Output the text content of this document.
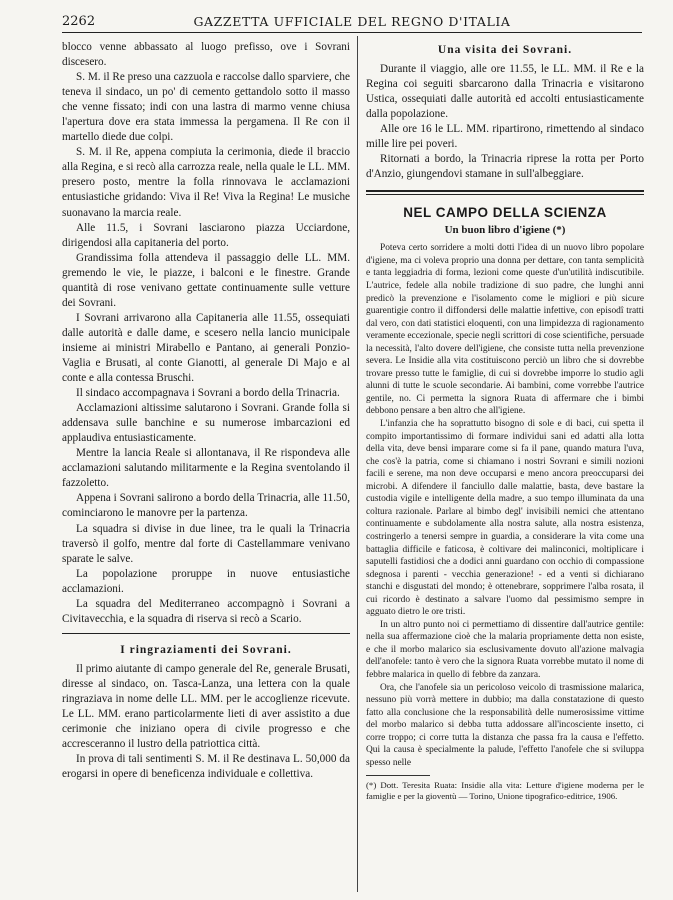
2262	GAZZETTA UFFICIALE DEL REGNO D'ITALIA

blocco venne abbassato al luogo prefisso, ove i Sovrani discesero.

S. M. il Re preso una cazzuola e raccolse dallo sparviere, che teneva il sindaco, un po' di cemento gettandolo sotto il masso che venne fissato; indi con una lastra di marmo venne chiusa l'apertura dove era stata immessa la pergamena. Il Re con il martello diede due colpi.

S. M. il Re, appena compiuta la cerimonia, diede il braccio alla Regina, e si recò alla carrozza reale, nella quale le LL. MM. presero posto, mentre la folla rinnovava le acclamazioni entusiastiche gridando: Viva il Re! Viva la Regina! Le musiche suonavano la marcia reale.

Alle 11.5, i Sovrani lasciarono piazza Ucciardone, dirigendosi alla capitaneria del porto.

Grandissima folla attendeva il passaggio delle LL. MM. gremendo le vie, le piazze, i balconi e le finestre. Grande quantità di rose venivano gettate continuamente sulle vetture dei Sovrani.

I Sovrani arrivarono alla Capitaneria alle 11.55, ossequiati dalle autorità e dalle dame, e scesero nella lancio municipale insieme ai ministri Mirabello e Pantano, ai generali Ponzio-Vaglia e Brusati, al conte Gianotti, al generale Di Majo e al conte e alla contessa Bruschi.

Il sindaco accompagnava i Sovrani a bordo della Trinacria.

Acclamazioni altissime salutarono i Sovrani. Grande folla si addensava sulle banchine e su numerose imbarcazioni ed applaudiva entusiasticamente.

Mentre la lancia Reale si allontanava, il Re rispondeva alle acclamazioni salutando militarmente e la Regina sventolando il fazzoletto.

Appena i Sovrani salirono a bordo della Trinacria, alle 11.50, cominciarono le manovre per la partenza.

La squadra si divise in due linee, tra le quali la Trinacria traversò il golfo, mentre dal forte di Castellammare venivano sparate le salve.

La popolazione proruppe in nuove entusiastiche acclamazioni.

La squadra del Mediterraneo accompagnò i Sovrani a Civitavecchia, e la squadra di riserva si recò a Scario.

I ringraziamenti dei Sovrani.

Il primo aiutante di campo generale del Re, generale Brusati, diresse al sindaco, on. Tasca-Lanza, una lettera con la quale ringraziava in nome delle LL. MM. per le accoglienze ricevute. Le LL. MM. erano particolarmente lieti di aver assistito a due cerimonie che iniziano opera di civile progresso e che accresceranno il lustro della patriottica città.

In prova di tali sentimenti S. M. il Re destinava L. 50,000 da erogarsi in opere di beneficenza individuale e collettiva.

Una visita dei Sovrani.

Durante il viaggio, alle ore 11.55, le LL. MM. il Re e la Regina coi seguiti sbarcarono dalla Trinacria e visitarono Ustica, ossequiati dalle autorità ed accolti entusiasticamente dalla popolazione.

Alle ore 16 le LL. MM. ripartirono, rimettendo al sindaco mille lire pei poveri.

Ritornati a bordo, la Trinacria riprese la rotta per Porto d'Anzio, giungendovi stamane in sull'albeggiare.

NEL CAMPO DELLA SCIENZA
Un buon libro d'igiene (*)

Poteva certo sorridere a molti dotti l'idea di un nuovo libro popolare d'igiene, ma ci voleva proprio una donna per dettare, con tanta semplicità e tanta leggiadria di forma, lezioni come queste d'un'utilità indiscutibile. L'autrice, fedele alla nobile tradizione di suo padre, che lunghi anni predicò la prevenzione e l'isolamento come le migliori e più sicure guarentigie contro il diffondersi delle malattie infettive, con episodî tratti dal vero, con dati statistici eloquenti, con una limpidezza di ragionamento veramente eccezionale, specie negli scrittori di cose scientifiche, persuade la necessità, l'alto dovere dell'igiene, che consiste tutta nella prevenzione severa. Le Insidie alla vita costituiscono perciò un libro che si dovrebbe trovare presso tutte le famiglie, di cui si dovrebbe imporre lo studio agli alunni di tutte le scuole secondarie. Ai bambini, come vorrebbe l'autrice gentile, no. Ci permetta la signora Ruata di affermare che i bimbi debbono pensare a ben altro che all'igiene.

L'infanzia che ha soprattutto bisogno di sole e di baci, cui spetta il compito importantissimo di formare individui sani ed adatti alla lotta della vita, deve bensì imparare come si fa il pane, quando matura l'uva, che cos'è la patria, come si chiamano i nostri Sovrani e simili nozioni facili e serene, ma non deve occuparsi e meno ancora preoccuparsi dei microbi. A difendere il fanciullo dalle malattie, basta, deve bastare la custodia vigile e intelligente della madre, a suo tempo illuminata da una coltura razionale. Parlare al bimbo degl' invisibili nemici che attentano continuamente e subdolamente alla nostra salute, alla nostra esistenza, costringerlo a tenersi sempre in guardia, a considerare la vita come una battaglia difficile e faticosa, è coltivare dei malinconici, moltiplicare i saputelli fastidiosi che a dodici anni guardano con occhio di compassione sdegnosa i parenti - vecchia generazione! - ed a venti si dichiarano stanchi e disgustati del mondo; è ottenebrare, sopprimere l'alba rosata, il cui ricordo è destinato a salvare l'uomo dal pessimismo sempre in agguato dietro le ore tristi.

In un altro punto noi ci permettiamo di dissentire dall'autrice gentile: nella sua affermazione cioè che la malaria propriamente detta non esiste, e che il morbo malarico sia esclusivamente dovuto all'azione malvagia dell'anofele: tanto è vero che la signora Ruata vorrebbe mutato il nome di febbre malarica in quello di febbre da zanzara.

Ora, che l'anofele sia un pericoloso veicolo di trasmissione malarica, nessuno più vorrà mettere in dubbio; ma dalla constatazione di questo fatto alla conclusione che la responsabilità delle numerosissime vittime del morbo malarico si debba tutta addossare all'incosciente insetto, ci corre troppo; ci corre tutta la distanza che passa fra la causa e l'effetto. Qui la causa è specialmente la palude, l'effetto l'anofele che si sviluppa spesso nelle

(*) Dott. Teresita Ruata: Insidie alla vita: Letture d'igiene moderna per le famiglie e per la gioventù — Torino, Unione tipografico-editrice, 1906.
